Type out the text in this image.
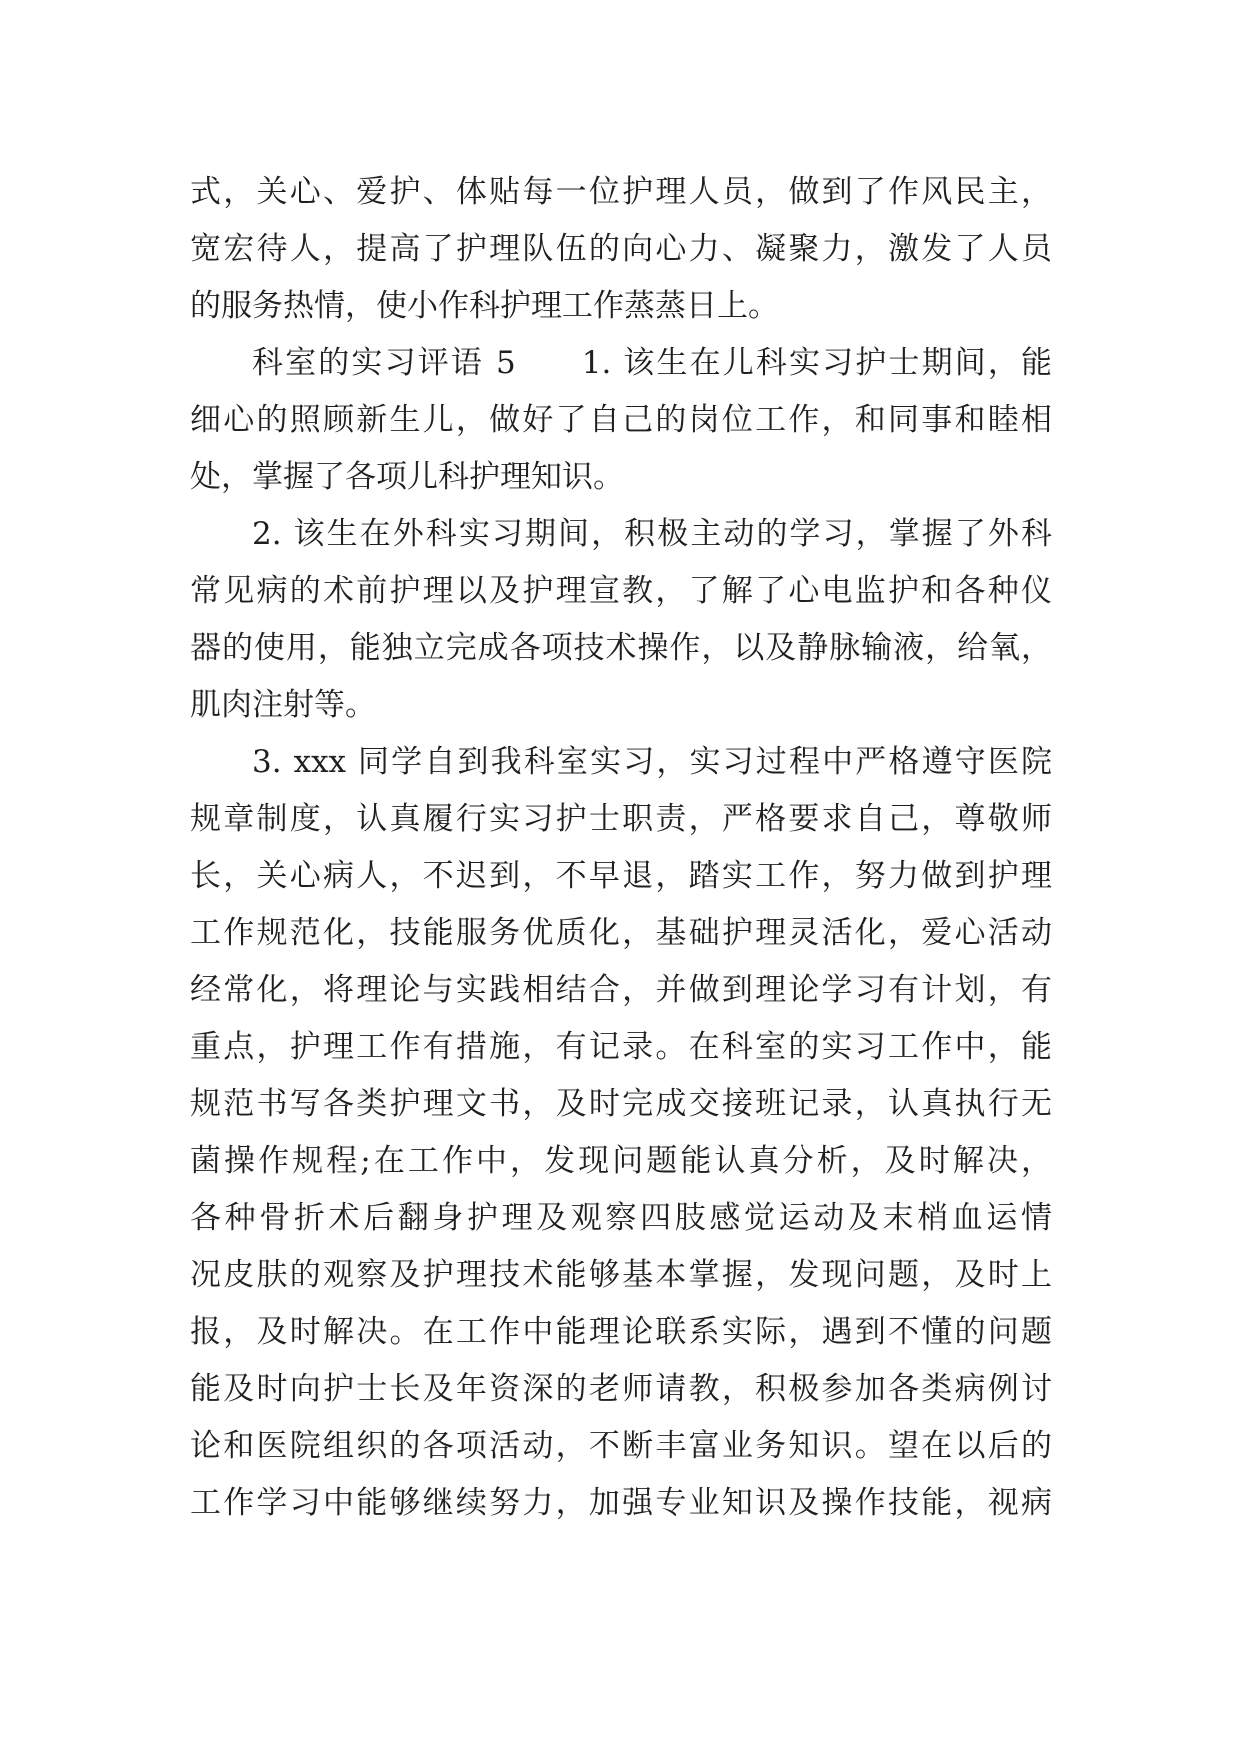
式，关心、爱护、体贴每一位护理人员，做到了作风民主，
宽宏待人，提高了护理队伍的向心力、凝聚力，激发了人员
的服务热情，使小作科护理工作蒸蒸日上。
科室的实习评语 5 1. 该生在儿科实习护士期间，能
细心的照顾新生儿，做好了自己的岗位工作，和同事和睦相
处，掌握了各项儿科护理知识。
2. 该生在外科实习期间，积极主动的学习，掌握了外科
常见病的术前护理以及护理宣教，了解了心电监护和各种仪
器的使用，能独立完成各项技术操作，以及静脉输液，给氧，
肌肉注射等。
3. xxx 同学自到我科室实习，实习过程中严格遵守医院
规章制度，认真履行实习护士职责，严格要求自己，尊敬师
长，关心病人，不迟到，不早退，踏实工作，努力做到护理
工作规范化，技能服务优质化，基础护理灵活化，爱心活动
经常化，将理论与实践相结合，并做到理论学习有计划，有
重点，护理工作有措施，有记录。在科室的实习工作中，能
规范书写各类护理文书，及时完成交接班记录，认真执行无
菌操作规程;在工作中，发现问题能认真分析，及时解决，
各种骨折术后翻身护理及观察四肢感觉运动及末梢血运情
况皮肤的观察及护理技术能够基本掌握，发现问题，及时上
报，及时解决。在工作中能理论联系实际，遇到不懂的问题
能及时向护士长及年资深的老师请教，积极参加各类病例讨
论和医院组织的各项活动，不断丰富业务知识。望在以后的
工作学习中能够继续努力，加强专业知识及操作技能，视病
